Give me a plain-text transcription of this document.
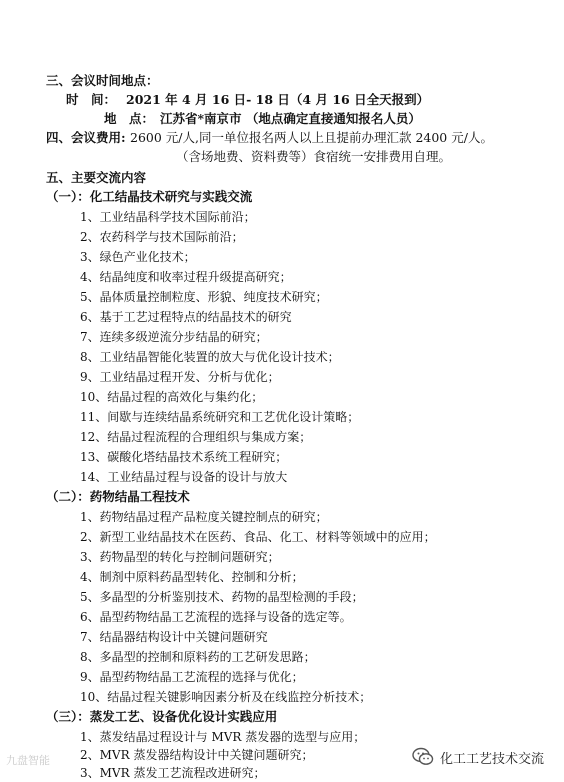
三、会议时间地点：
时　间： 2021 年 4 月 16 日- 18 日（4 月 16 日全天报到）
地　点： 江苏省*南京市 （地点确定直接通知报名人员）
四、会议费用: 2600 元/人,同一单位报名两人以上且提前办理汇款 2400 元/人。
（含场地费、资料费等）食宿统一安排费用自理。
五、主要交流内容
（一）：化工结晶技术研究与实践交流
1、工业结晶科学技术国际前沿；
2、农药科学与技术国际前沿；
3、绿色产业化技术；
4、结晶纯度和收率过程升级提高研究；
5、晶体质量控制粒度、形貌、纯度技术研究；
6、基于工艺过程特点的结晶技术的研究
7、连续多级逆流分步结晶的研究；
8、工业结晶智能化装置的放大与优化设计技术；
9、工业结晶过程开发、分析与优化；
10、结晶过程的高效化与集约化；
11、间歇与连续结晶系统研究和工艺优化设计策略；
12、结晶过程流程的合理组织与集成方案；
13、碳酸化塔结晶技术系统工程研究；
14、工业结晶过程与设备的设计与放大
（二）：药物结晶工程技术
1、药物结晶过程产品粒度关键控制点的研究；
2、新型工业结晶技术在医药、食品、化工、材料等领域中的应用；
3、药物晶型的转化与控制问题研究；
4、制剂中原料药晶型转化、控制和分析；
5、多晶型的分析鉴别技术、药物的晶型检测的手段；
6、晶型药物结晶工艺流程的选择与设备的选定等。
7、结晶器结构设计中关键问题研究
8、多晶型的控制和原料药的工艺研发思路；
9、晶型药物结晶工艺流程的选择与优化；
10、结晶过程关键影响因素分析及在线监控分析技术；
（三）：蒸发工艺、设备优化设计实践应用
1、蒸发结晶过程设计与 MVR 蒸发器的选型与应用；
2、MVR 蒸发器结构设计中关键问题研究；
3、MVR 蒸发工艺流程改进研究；
九盘智能	化工工艺技术交流
